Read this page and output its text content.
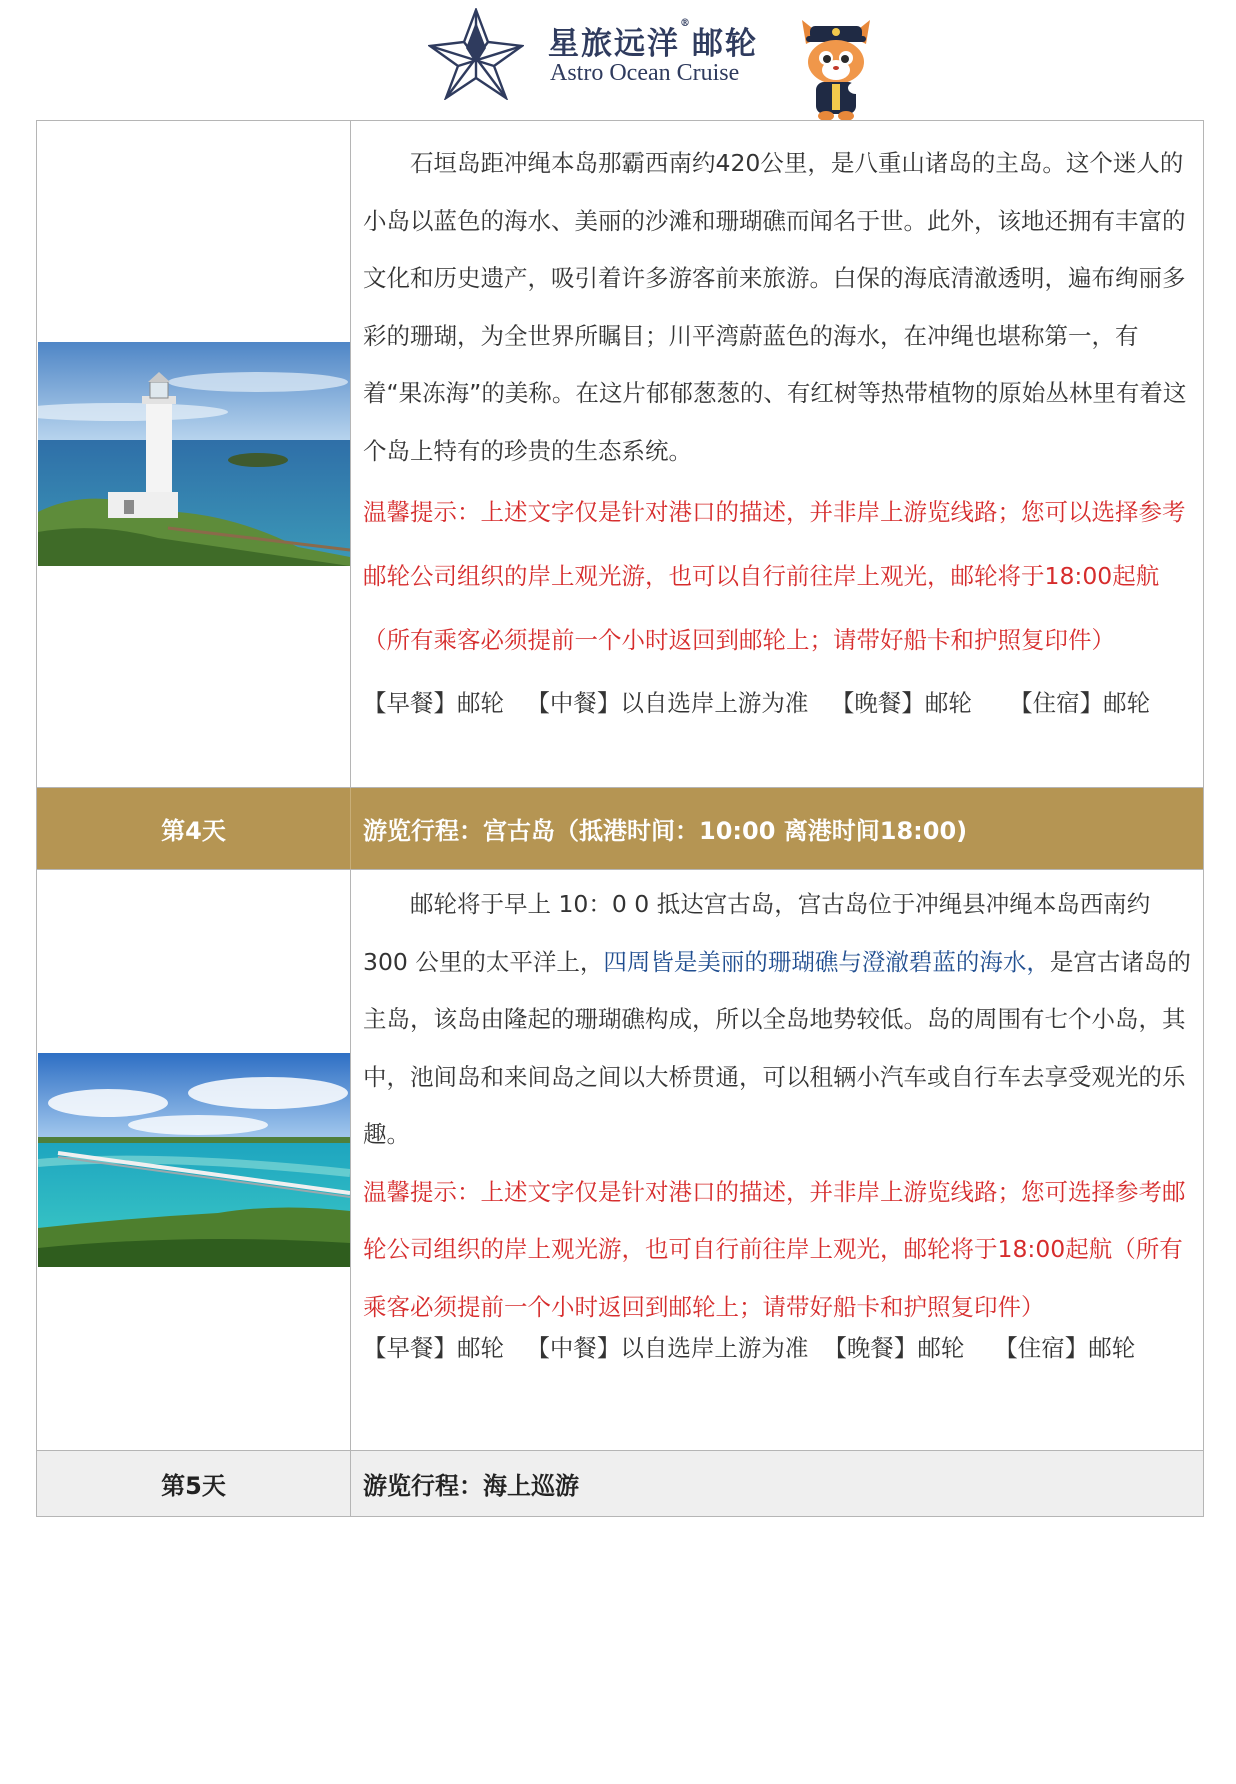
星旅远洋®邮轮
Astro Ocean Cruise

石垣岛距冲绳本岛那霸西南约420公里，是八重山诸岛的主岛。这个迷人的小岛以蓝色的海水、美丽的沙滩和珊瑚礁而闻名于世。此外，该地还拥有丰富的文化和历史遗产，吸引着许多游客前来旅游。白保的海底清澈透明，遍布绚丽多彩的珊瑚，为全世界所瞩目；川平湾蔚蓝色的海水，在冲绳也堪称第一，有着“果冻海”的美称。在这片郁郁葱葱的、有红树等热带植物的原始丛林里有着这个岛上特有的珍贵的生态系统。

温馨提示：上述文字仅是针对港口的描述，并非岸上游览线路；您可以选择参考邮轮公司组织的岸上观光游，也可以自行前往岸上观光，邮轮将于18:00起航（所有乘客必须提前一个小时返回到邮轮上；请带好船卡和护照复印件）

【早餐】邮轮   【中餐】以自选岸上游为准   【晚餐】邮轮     【住宿】邮轮
第4天	游览行程：宫古岛（抵港时间：10:00 离港时间18:00)

邮轮将于早上 10：0 0 抵达宫古岛，宫古岛位于冲绳县冲绳本岛西南约 300 公里的太平洋上，四周皆是美丽的珊瑚礁与澄澈碧蓝的海水，是宫古诸岛的主岛，该岛由隆起的珊瑚礁构成，所以全岛地势较低。岛的周围有七个小岛，其中，池间岛和来间岛之间以大桥贯通，可以租辆小汽车或自行车去享受观光的乐趣。

温馨提示：上述文字仅是针对港口的描述，并非岸上游览线路；您可选择参考邮轮公司组织的岸上观光游，也可自行前往岸上观光，邮轮将于18:00起航（所有乘客必须提前一个小时返回到邮轮上；请带好船卡和护照复印件）

【早餐】邮轮   【中餐】以自选岸上游为准  【晚餐】邮轮    【住宿】邮轮
第5天	游览行程：海上巡游
